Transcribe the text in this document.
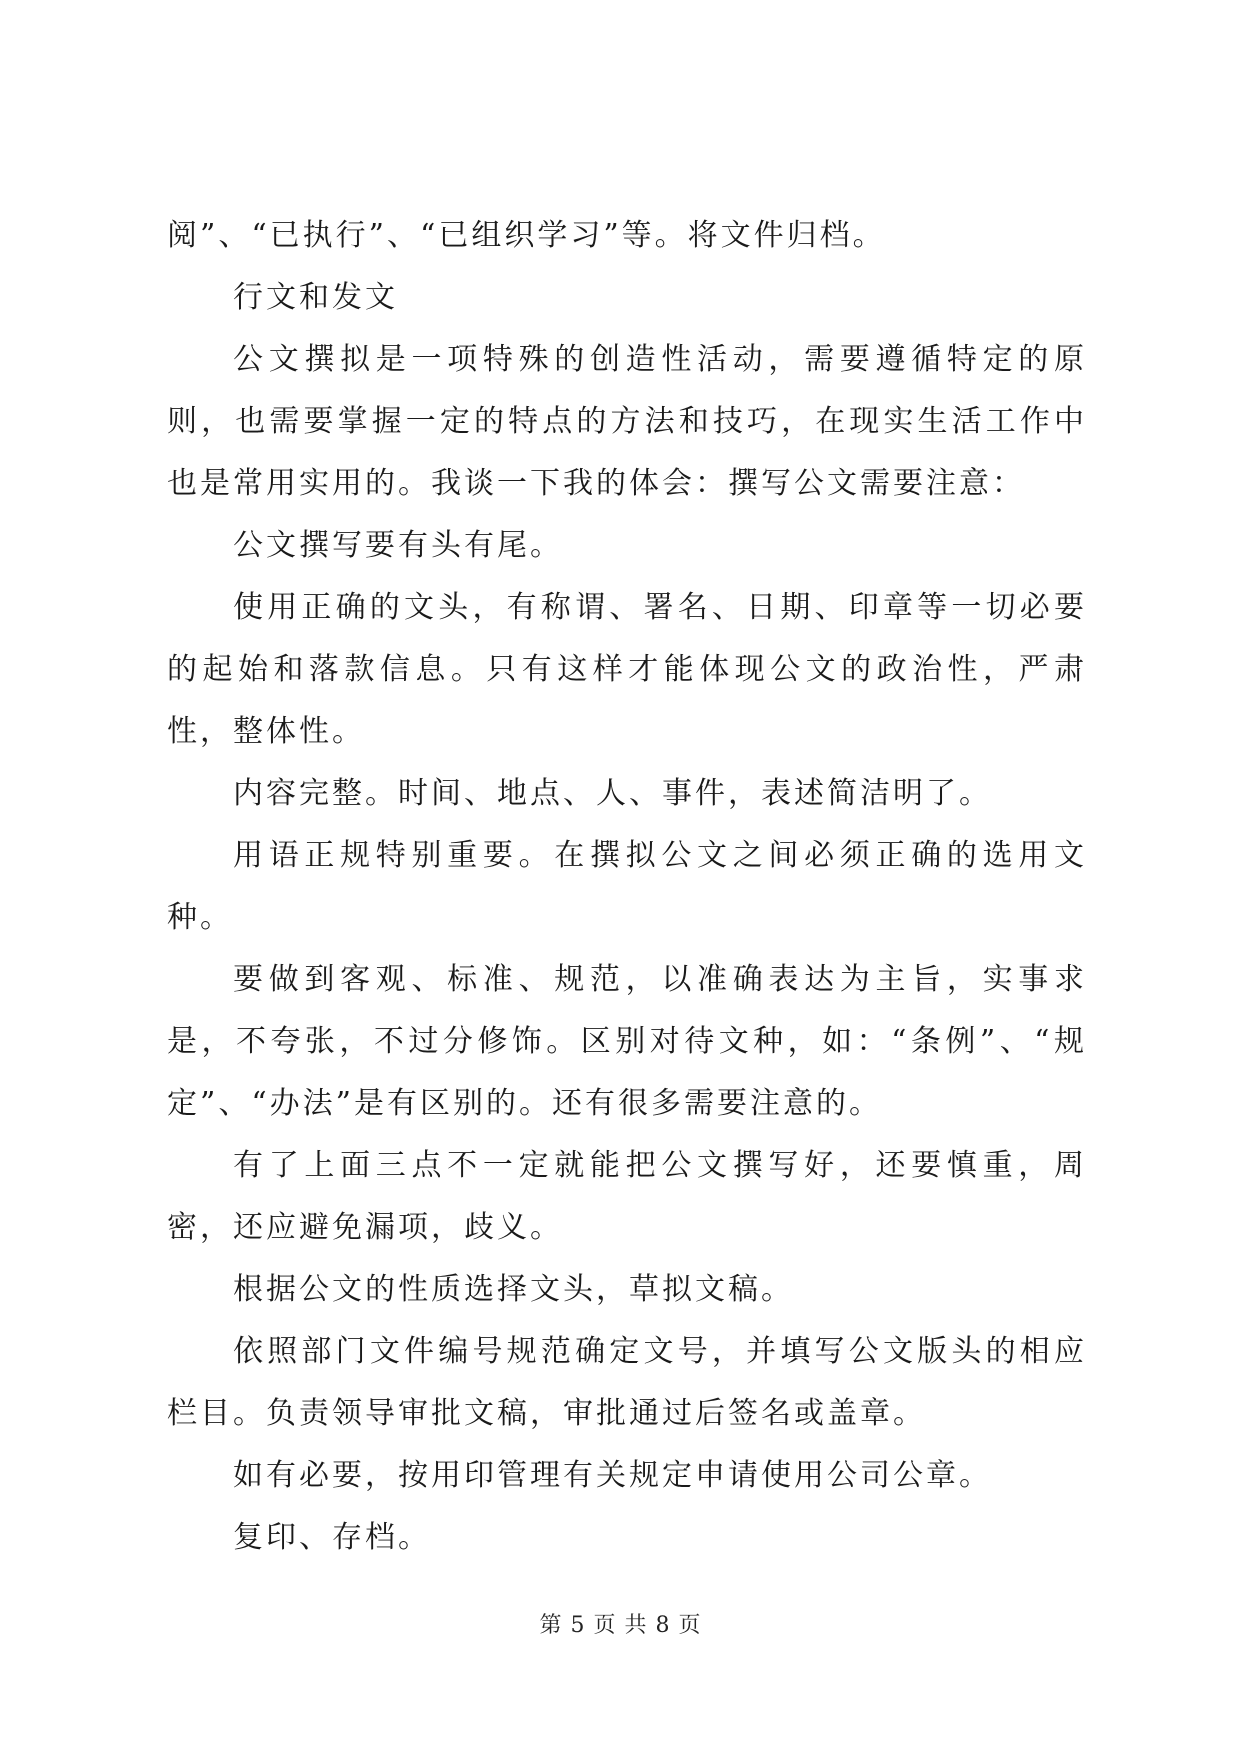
阅”、“已执行”、“已组织学习”等。将文件归档。

行文和发文

公文撰拟是一项特殊的创造性活动，需要遵循特定的原则，也需要掌握一定的特点的方法和技巧，在现实生活工作中也是常用实用的。我谈一下我的体会：撰写公文需要注意：

公文撰写要有头有尾。

使用正确的文头，有称谓、署名、日期、印章等一切必要的起始和落款信息。只有这样才能体现公文的政治性，严肃性，整体性。

内容完整。时间、地点、人、事件，表述简洁明了。

用语正规特别重要。在撰拟公文之间必须正确的选用文种。

要做到客观、标准、规范，以准确表达为主旨，实事求是，不夸张，不过分修饰。区别对待文种，如：“条例”、“规定”、“办法”是有区别的。还有很多需要注意的。

有了上面三点不一定就能把公文撰写好，还要慎重，周密，还应避免漏项，歧义。

根据公文的性质选择文头，草拟文稿。

依照部门文件编号规范确定文号，并填写公文版头的相应栏目。负责领导审批文稿，审批通过后签名或盖章。

如有必要，按用印管理有关规定申请使用公司公章。

复印、存档。

第 5 页 共 8 页
